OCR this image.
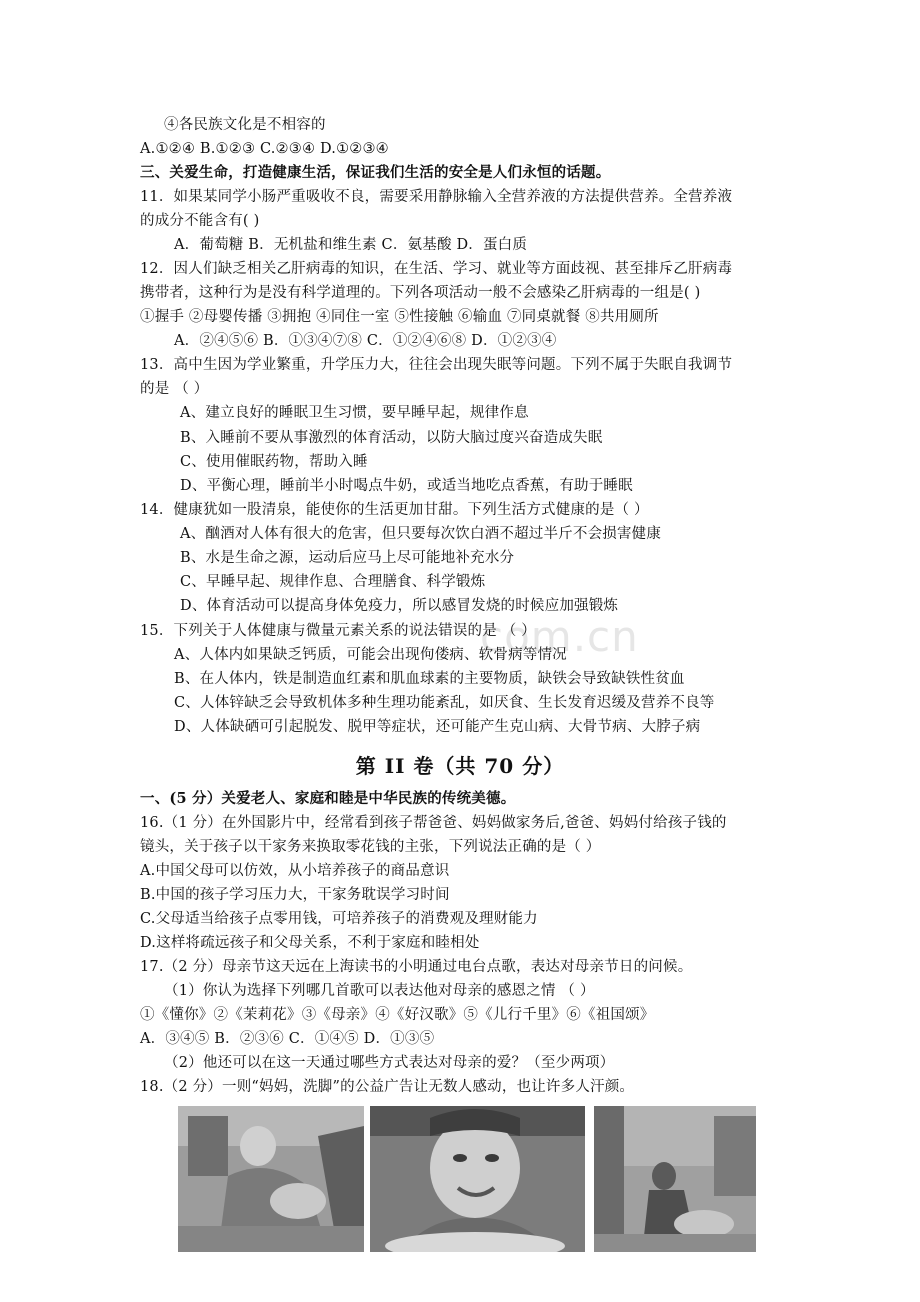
com.cn
④各民族文化是不相容的
A.①②④ B.①②③ C.②③④ D.①②③④
三、关爱生命，打造健康生活，保证我们生活的安全是人们永恒的话题。
11．如果某同学小肠严重吸收不良，需要采用静脉输入全营养液的方法提供营养。全营养液
的成分不能含有( )
A．葡萄糖 B．无机盐和维生素 C．氨基酸 D．蛋白质
12．因人们缺乏相关乙肝病毒的知识，在生活、学习、就业等方面歧视、甚至排斥乙肝病毒
携带者，这种行为是没有科学道理的。下列各项活动一般不会感染乙肝病毒的一组是( )
①握手 ②母婴传播 ③拥抱 ④同住一室 ⑤性接触 ⑥输血 ⑦同桌就餐 ⑧共用厕所
A．②④⑤⑥ B．①③④⑦⑧ C．①②④⑥⑧ D．①②③④
13．高中生因为学业繁重，升学压力大，往往会出现失眠等问题。下列不属于失眠自我调节
的是 （ ）
A、建立良好的睡眠卫生习惯，要早睡早起，规律作息
B、入睡前不要从事激烈的体育活动，以防大脑过度兴奋造成失眠
C、使用催眠药物，帮助入睡
D、平衡心理，睡前半小时喝点牛奶，或适当地吃点香蕉，有助于睡眠
14．健康犹如一股清泉，能使你的生活更加甘甜。下列生活方式健康的是（ ）
A、酗酒对人体有很大的危害，但只要每次饮白酒不超过半斤不会损害健康
B、水是生命之源，运动后应马上尽可能地补充水分
C、早睡早起、规律作息、合理膳食、科学锻炼
D、体育活动可以提高身体免疫力，所以感冒发烧的时候应加强锻炼
15．下列关于人体健康与微量元素关系的说法错误的是 （ ）
A、人体内如果缺乏钙质，可能会出现佝偻病、软骨病等情况
B、在人体内，铁是制造血红素和肌血球素的主要物质，缺铁会导致缺铁性贫血
C、人体锌缺乏会导致机体多种生理功能紊乱，如厌食、生长发育迟缓及营养不良等
D、人体缺硒可引起脱发、脱甲等症状，还可能产生克山病、大骨节病、大脖子病
第 II 卷（共 70 分）
一、(5 分）关爱老人、家庭和睦是中华民族的传统美德。
16.（1 分）在外国影片中，经常看到孩子帮爸爸、妈妈做家务后,爸爸、妈妈付给孩子钱的
镜头，关于孩子以干家务来换取零花钱的主张，下列说法正确的是（ ）
A.中国父母可以仿效，从小培养孩子的商品意识
B.中国的孩子学习压力大，干家务耽误学习时间
C.父母适当给孩子点零用钱，可培养孩子的消费观及理财能力
D.这样将疏远孩子和父母关系，不利于家庭和睦相处
17.（2 分）母亲节这天远在上海读书的小明通过电台点歌，表达对母亲节日的问候。
（1）你认为选择下列哪几首歌可以表达他对母亲的感恩之情 （ ）
①《懂你》②《茉莉花》③《母亲》④《好汉歌》⑤《儿行千里》⑥《祖国颂》
A．③④⑤ B．②③⑥ C．①④⑤ D．①③⑤
（2）他还可以在这一天通过哪些方式表达对母亲的爱？（至少两项）
18.（2 分）一则“妈妈，洗脚”的公益广告让无数人感动，也让许多人汗颜。
